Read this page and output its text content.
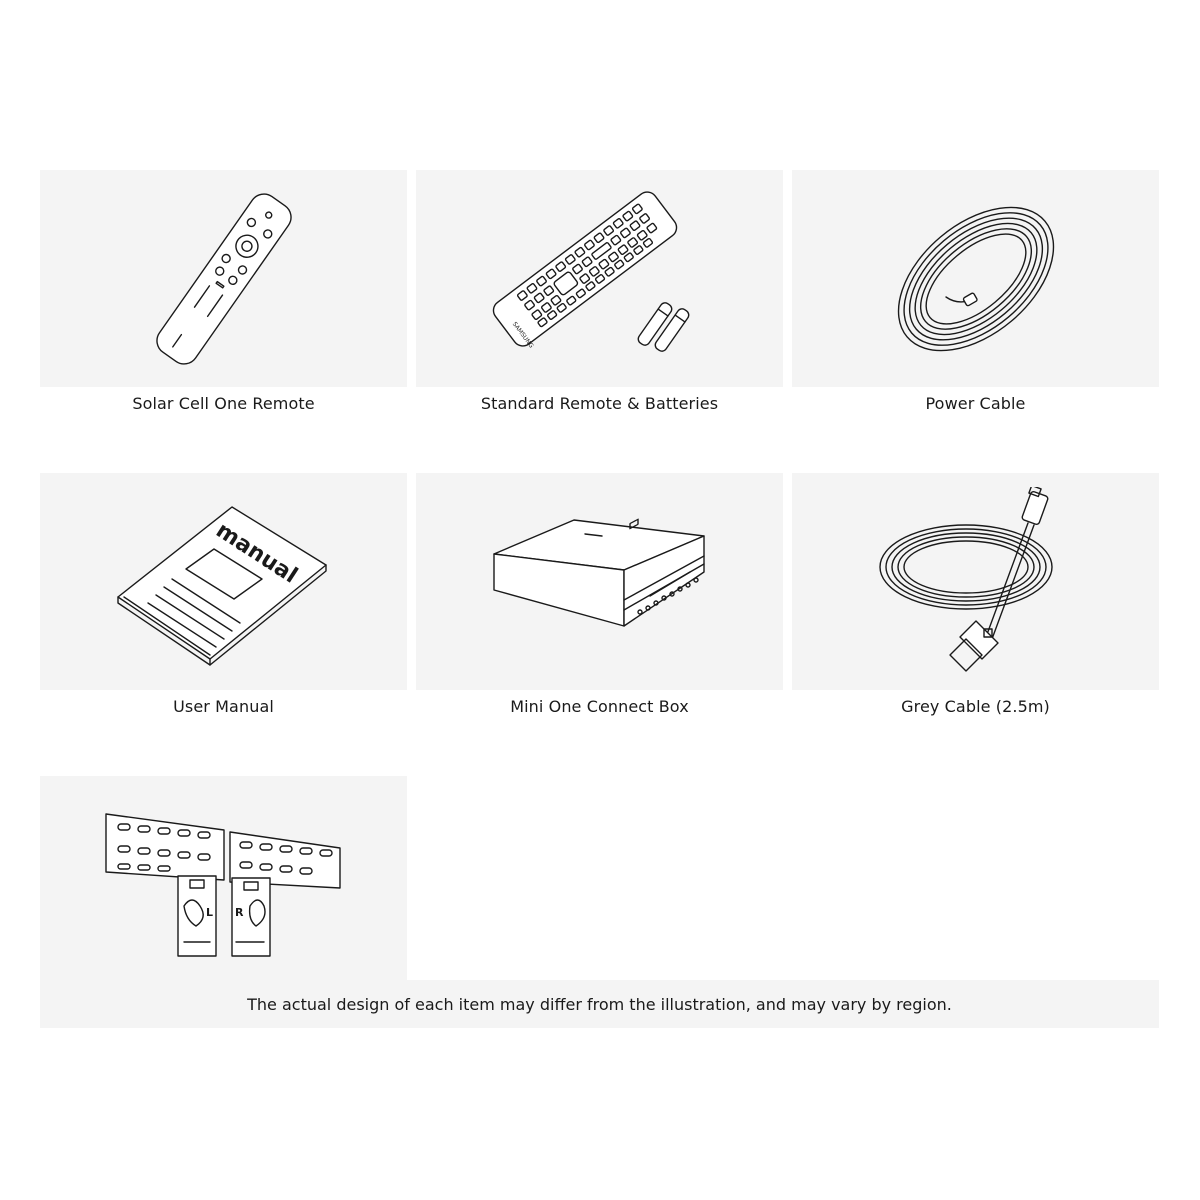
Solar Cell One Remote
SAMSUNG
Standard Remote & Batteries	Power Cable
manual
User Manual	Mini One Connect Box	Grey Cable (2.5m)
L R
The actual design of each item may differ from the illustration, and may vary by region.
